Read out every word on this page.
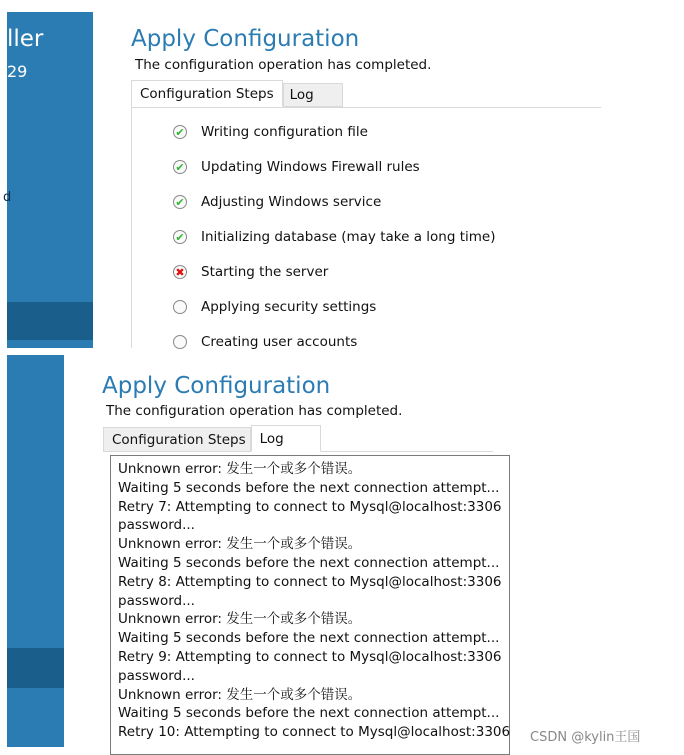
ller
29
d
Apply Configuration
The configuration operation has completed.
Configuration Steps	Log
✔ Writing configuration file
✔ Updating Windows Firewall rules
✔ Adjusting Windows service
✔ Initializing database (may take a long time)
✖ Starting the server
Applying security settings
Creating user accounts
Apply Configuration
The configuration operation has completed.
Configuration Steps	Log
Unknown error: 发生一个或多个错误。
Waiting 5 seconds before the next connection attempt...
Retry 7: Attempting to connect to Mysql@localhost:3306
password...
Unknown error: 发生一个或多个错误。
Waiting 5 seconds before the next connection attempt...
Retry 8: Attempting to connect to Mysql@localhost:3306
password...
Unknown error: 发生一个或多个错误。
Waiting 5 seconds before the next connection attempt...
Retry 9: Attempting to connect to Mysql@localhost:3306
password...
Unknown error: 发生一个或多个错误。
Waiting 5 seconds before the next connection attempt...
Retry 10: Attempting to connect to Mysql@localhost:3306 CSDN @kylin王国
